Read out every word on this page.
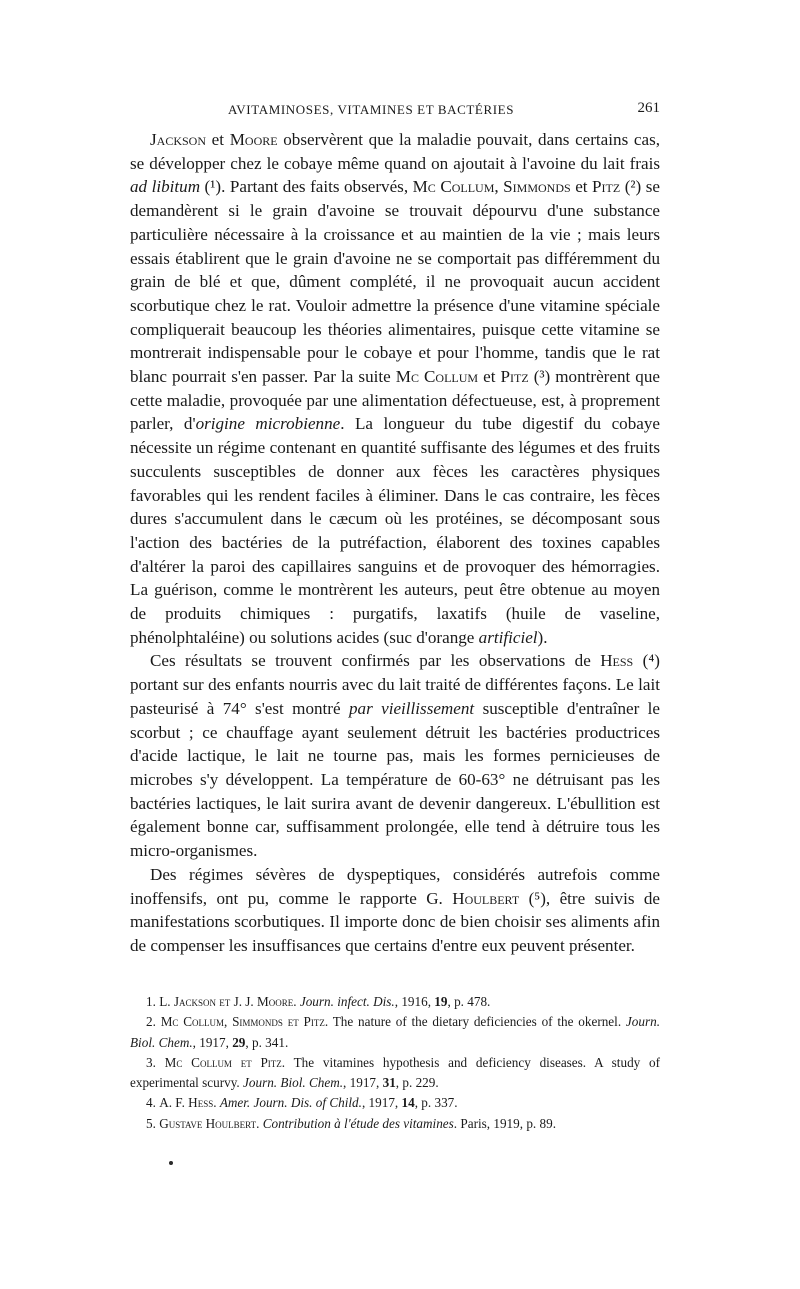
AVITAMINOSES, VITAMINES ET BACTÉRIES	261

Jackson et Moore observèrent que la maladie pouvait, dans certains cas, se développer chez le cobaye même quand on ajoutait à l'avoine du lait frais ad libitum (¹). Partant des faits observés, Mc Collum, Simmonds et Pitz (²) se demandèrent si le grain d'avoine se trouvait dépourvu d'une substance particulière nécessaire à la croissance et au maintien de la vie ; mais leurs essais établirent que le grain d'avoine ne se comportait pas différemment du grain de blé et que, dûment complété, il ne provoquait aucun accident scorbutique chez le rat. Vouloir admettre la présence d'une vitamine spéciale compliquerait beaucoup les théories alimentaires, puisque cette vitamine se montrerait indispensable pour le cobaye et pour l'homme, tandis que le rat blanc pourrait s'en passer. Par la suite Mc Collum et Pitz (³) montrèrent que cette maladie, provoquée par une alimentation défectueuse, est, à proprement parler, d'origine microbienne. La longueur du tube digestif du cobaye nécessite un régime contenant en quantité suffisante des légumes et des fruits succulents susceptibles de donner aux fèces les caractères physiques favorables qui les rendent faciles à éliminer. Dans le cas contraire, les fèces dures s'accumulent dans le cæcum où les protéines, se décomposant sous l'action des bactéries de la putréfaction, élaborent des toxines capables d'altérer la paroi des capillaires sanguins et de provoquer des hémorragies. La guérison, comme le montrèrent les auteurs, peut être obtenue au moyen de produits chimiques : purgatifs, laxatifs (huile de vaseline, phénolphtaléine) ou solutions acides (suc d'orange artificiel).

Ces résultats se trouvent confirmés par les observations de Hess (⁴) portant sur des enfants nourris avec du lait traité de différentes façons. Le lait pasteurisé à 74° s'est montré par vieillissement susceptible d'entraîner le scorbut ; ce chauffage ayant seulement détruit les bactéries productrices d'acide lactique, le lait ne tourne pas, mais les formes pernicieuses de microbes s'y développent. La température de 60-63° ne détruisant pas les bactéries lactiques, le lait surira avant de devenir dangereux. L'ébullition est également bonne car, suffisamment prolongée, elle tend à détruire tous les micro-organismes.

Des régimes sévères de dyspeptiques, considérés autrefois comme inoffensifs, ont pu, comme le rapporte G. Houlbert (⁵), être suivis de manifestations scorbutiques. Il importe donc de bien choisir ses aliments afin de compenser les insuffisances que certains d'entre eux peuvent présenter.

1. L. Jackson et J. J. Moore. Journ. infect. Dis., 1916, 19, p. 478.

2. Mc Collum, Simmonds et Pitz. The nature of the dietary deficiencies of the okernel. Journ. Biol. Chem., 1917, 29, p. 341.

3. Mc Collum et Pitz. The vitamines hypothesis and deficiency diseases. A study of experimental scurvy. Journ. Biol. Chem., 1917, 31, p. 229.

4. A. F. Hess. Amer. Journ. Dis. of Child., 1917, 14, p. 337.

5. Gustave Houlbert. Contribution à l'étude des vitamines. Paris, 1919, p. 89.
